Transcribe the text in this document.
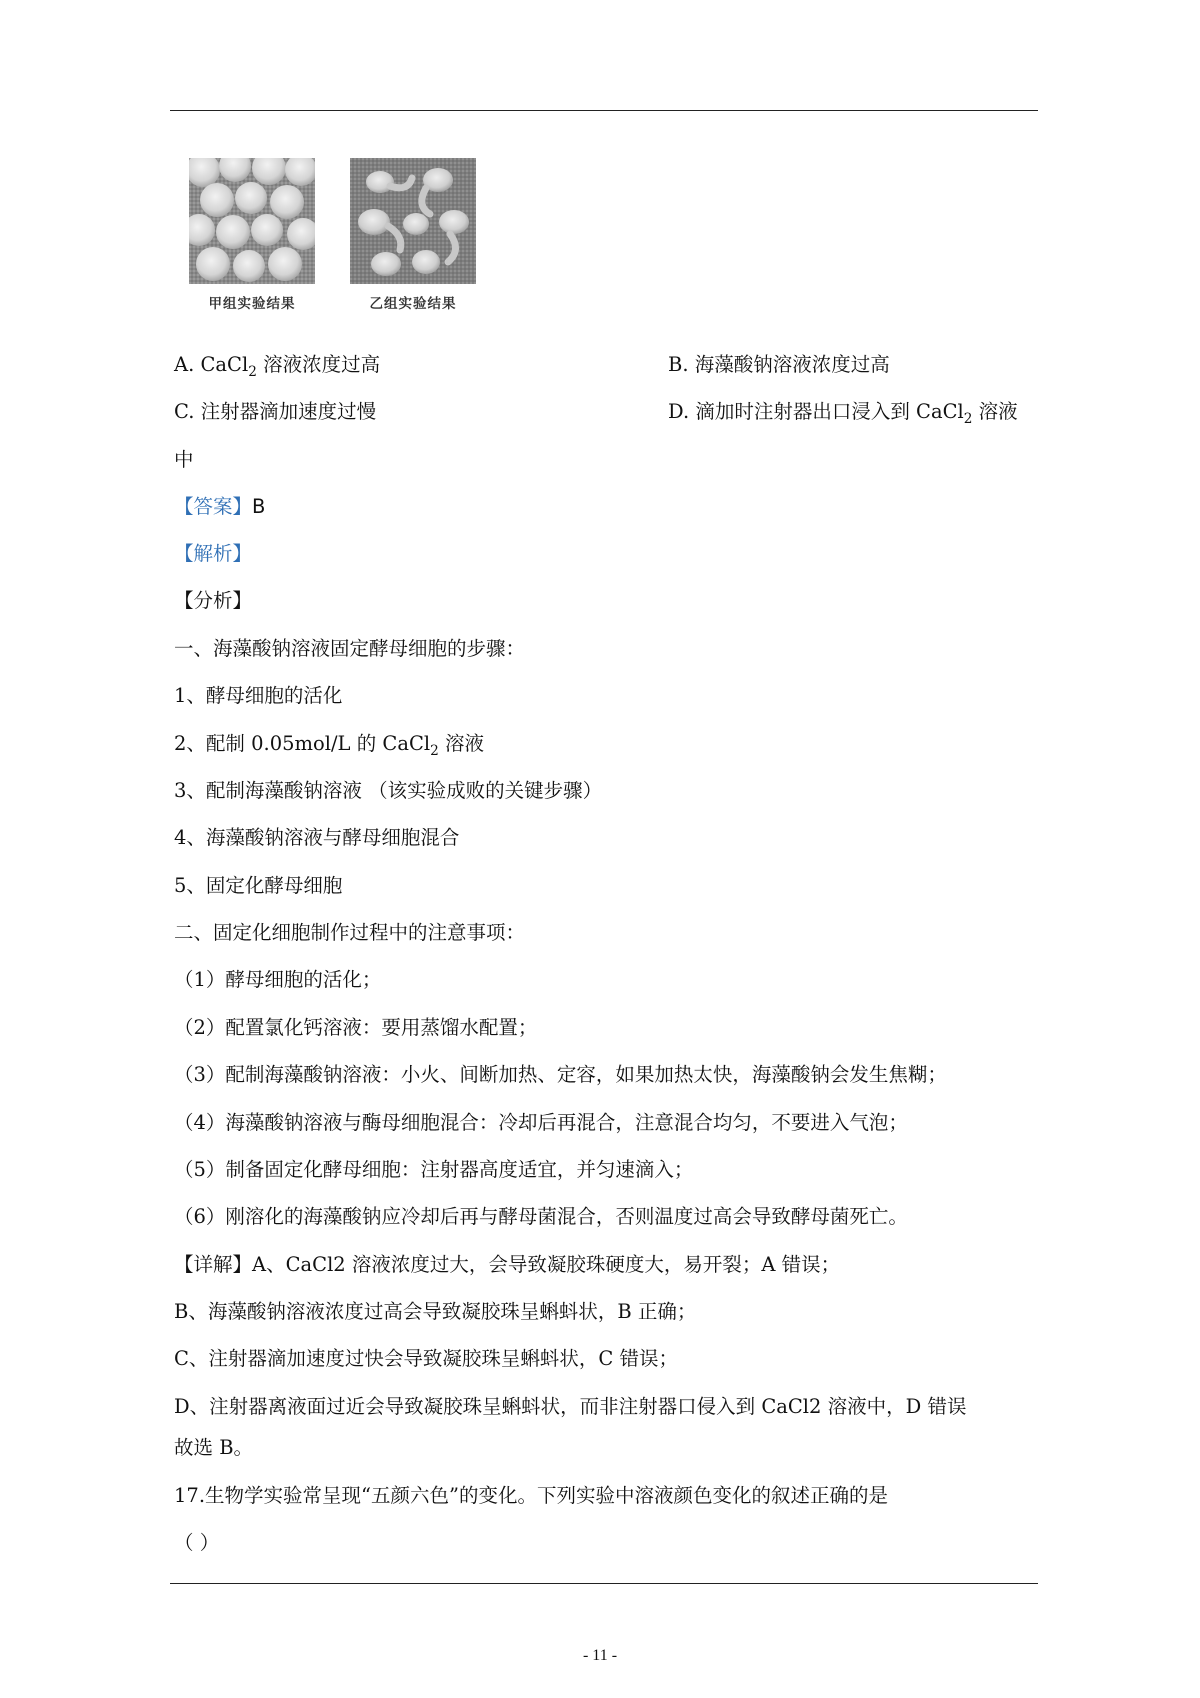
甲组实验结果	乙组实验结果
A. CaCl$_2$ 溶液浓度过高	B. 海藻酸钠溶液浓度过高
C. 注射器滴加速度过慢	D. 滴加时注射器出口浸入到 CaCl$_2$ 溶液
中
【答案】B
【解析】
【分析】
一、海藻酸钠溶液固定酵母细胞的步骤：
1、酵母细胞的活化
2、配制 0.05mol/L 的 CaCl$_2$ 溶液
3、配制海藻酸钠溶液 （该实验成败的关键步骤）
4、海藻酸钠溶液与酵母细胞混合
5、固定化酵母细胞
二、固定化细胞制作过程中的注意事项：
（1）酵母细胞的活化；
（2）配置氯化钙溶液：要用蒸馏水配置；
（3）配制海藻酸钠溶液：小火、间断加热、定容，如果加热太快，海藻酸钠会发生焦糊；
（4）海藻酸钠溶液与酶母细胞混合：冷却后再混合，注意混合均匀，不要进入气泡；
（5）制备固定化酵母细胞：注射器高度适宜，并匀速滴入；
（6）刚溶化的海藻酸钠应冷却后再与酵母菌混合，否则温度过高会导致酵母菌死亡。
【详解】A、CaCl2 溶液浓度过大，会导致凝胶珠硬度大，易开裂；A 错误；
B、海藻酸钠溶液浓度过高会导致凝胶珠呈蝌蚪状，B 正确；
C、注射器滴加速度过快会导致凝胶珠呈蝌蚪状，C 错误；
D、注射器离液面过近会导致凝胶珠呈蝌蚪状，而非注射器口侵入到 CaCl2 溶液中，D 错误
故选 B。
17.生物学实验常呈现“五颜六色”的变化。下列实验中溶液颜色变化的叙述正确的是
（ ）
- 11 -
